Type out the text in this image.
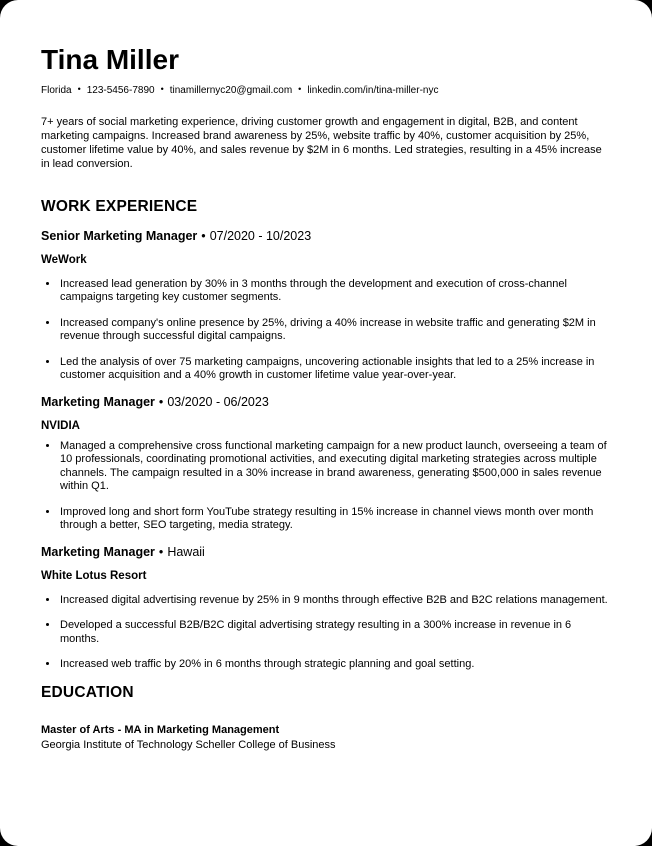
Tina Miller
Florida • 123-5456-7890 • tinamillernyc20@gmail.com • linkedin.com/in/tina-miller-nyc

7+ years of social marketing experience, driving customer growth and engagement in digital, B2B, and content marketing campaigns. Increased brand awareness by 25%, website traffic by 40%, customer acquisition by 25%, customer lifetime value by 40%, and sales revenue by $2M in 6 months. Led strategies, resulting in a 45% increase in lead conversion.

WORK EXPERIENCE
Senior Marketing Manager • 07/2020 - 10/2023
WeWork
• Increased lead generation by 30% in 3 months through the development and execution of cross-channel campaigns targeting key customer segments.
• Increased company's online presence by 25%, driving a 40% increase in website traffic and generating $2M in revenue through successful digital campaigns.
• Led the analysis of over 75 marketing campaigns, uncovering actionable insights that led to a 25% increase in customer acquisition and a 40% growth in customer lifetime value year-over-year.
Marketing Manager • 03/2020 - 06/2023
NVIDIA
• Managed a comprehensive cross functional marketing campaign for a new product launch, overseeing a team of 10 professionals, coordinating promotional activities, and executing digital marketing strategies across multiple channels. The campaign resulted in a 30% increase in brand awareness, generating $500,000 in sales revenue within Q1.
• Improved long and short form YouTube strategy resulting in 15% increase in channel views month over month through a better, SEO targeting, media strategy.
Marketing Manager • Hawaii
White Lotus Resort
• Increased digital advertising revenue by 25% in 9 months through effective B2B and B2C relations management.
• Developed a successful B2B/B2C digital advertising strategy resulting in a 300% increase in revenue in 6 months.
• Increased web traffic by 20% in 6 months through strategic planning and goal setting.
EDUCATION
Master of Arts - MA in Marketing Management
Georgia Institute of Technology Scheller College of Business
